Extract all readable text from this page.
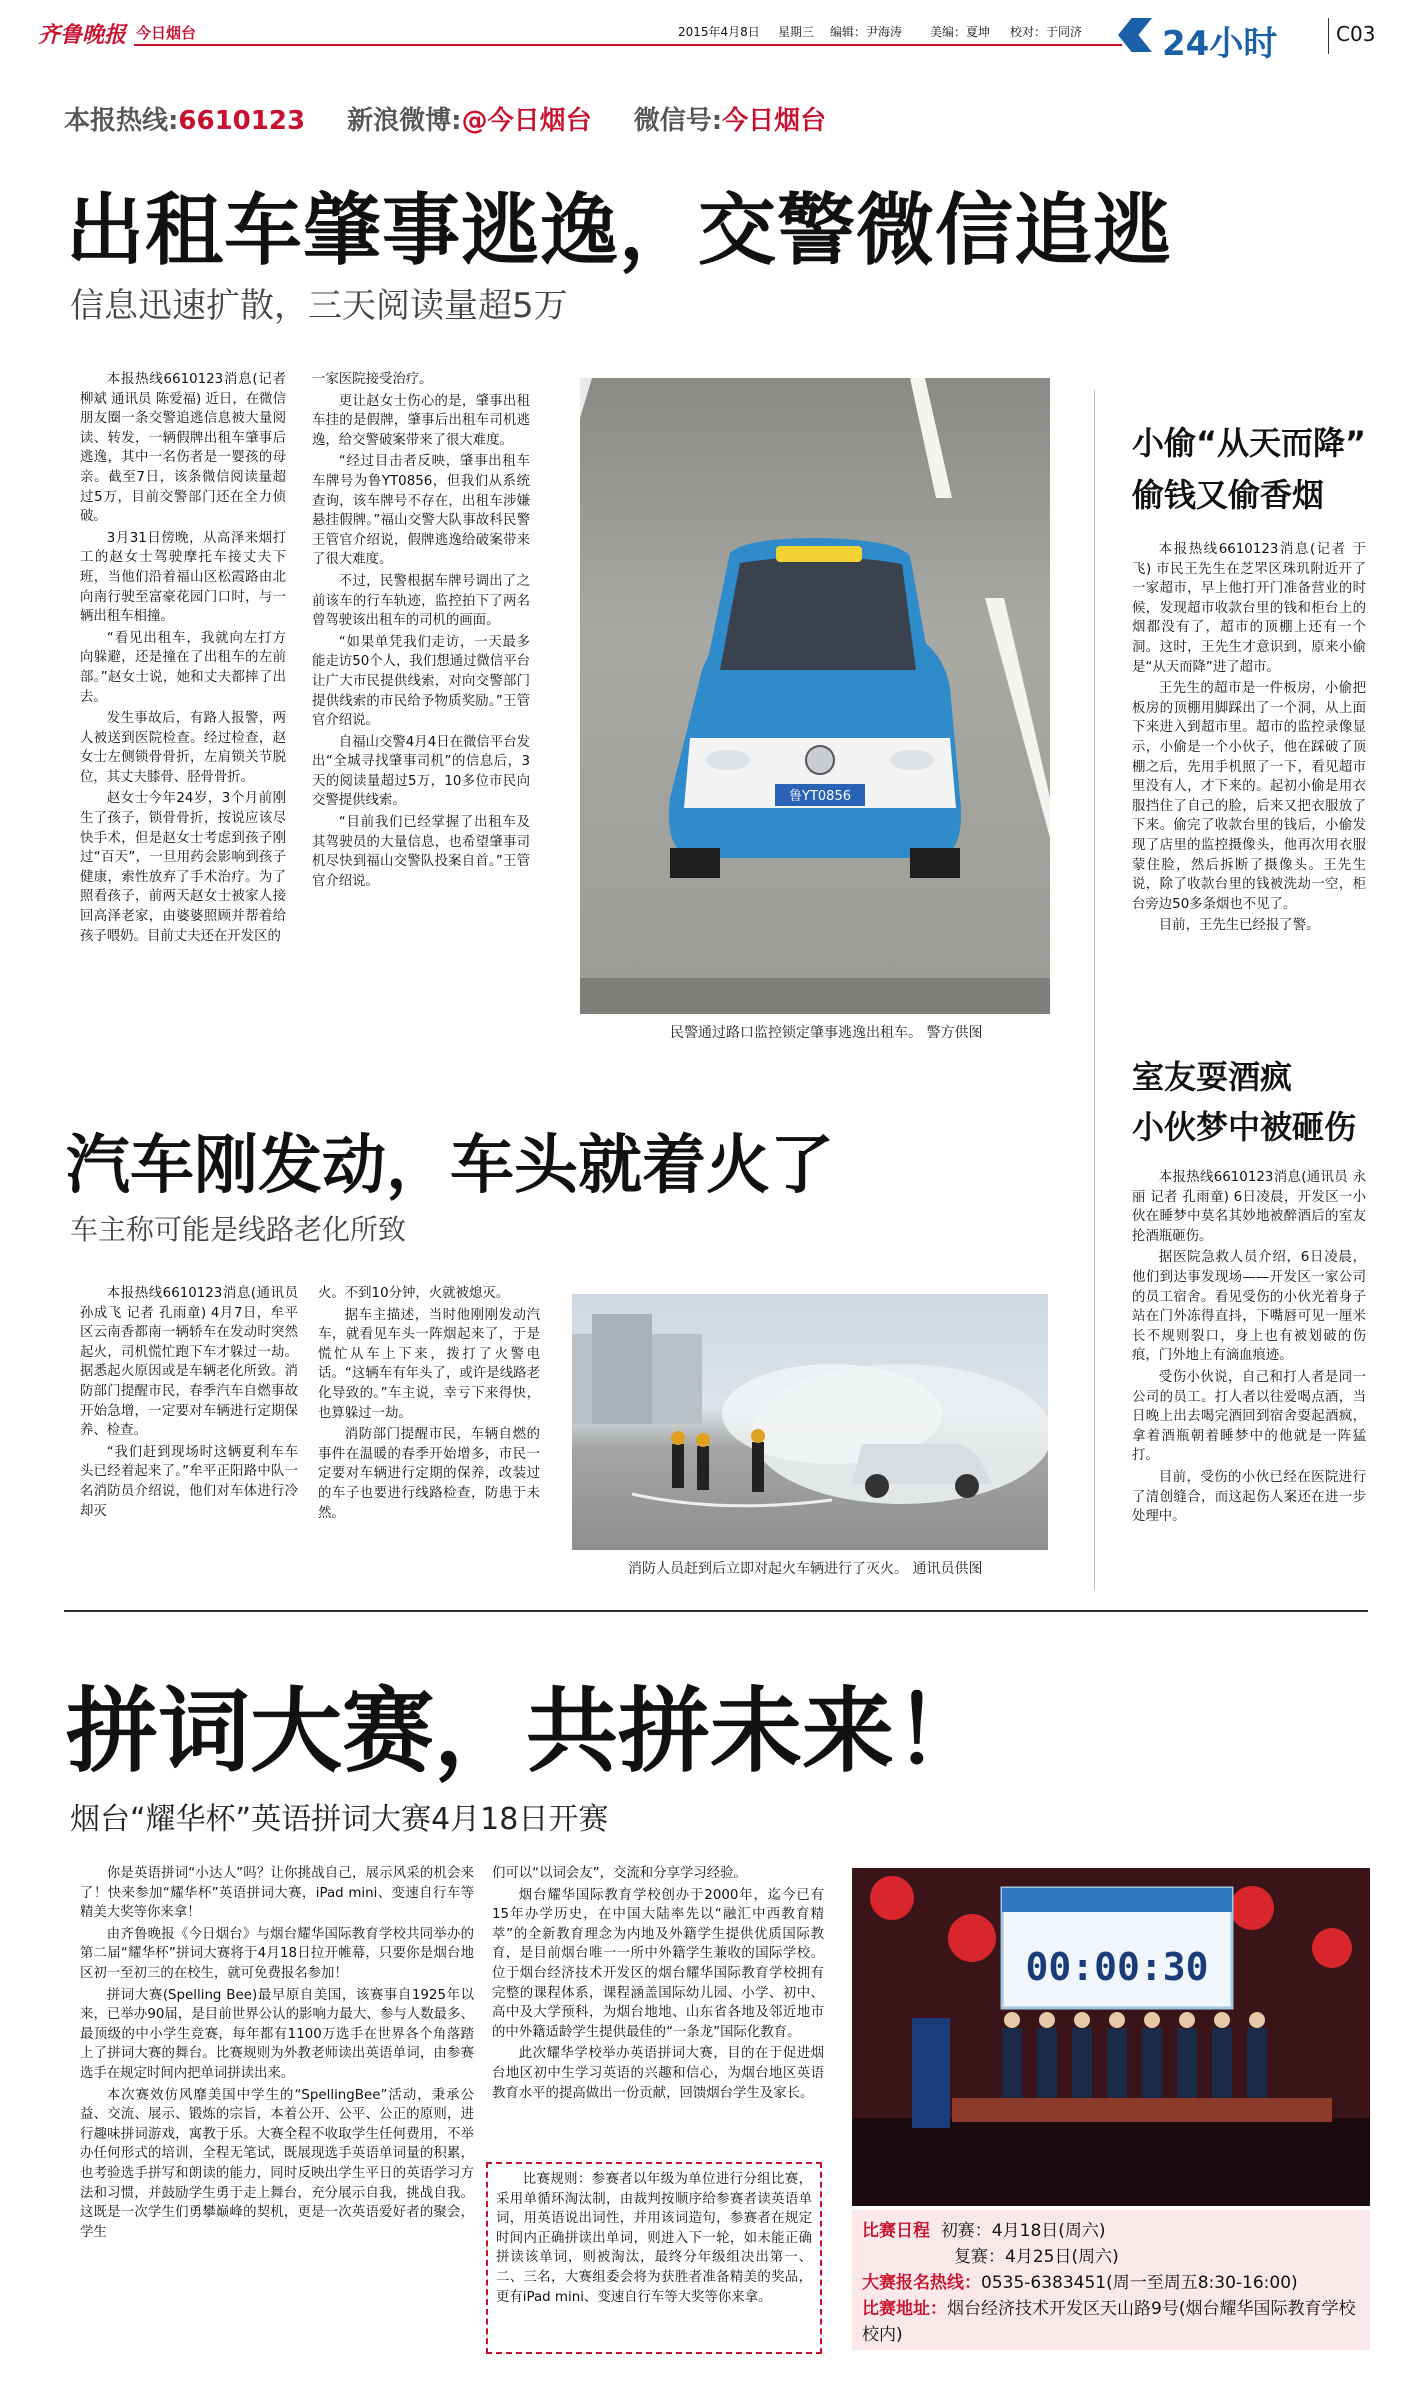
齐鲁晚报 今日烟台	2015年4月8日 星期三 编辑：尹海涛 美编：夏坤 校对：于同济 24小时	C03
本报热线:6610123 新浪微博:@今日烟台 微信号:今日烟台
出租车肇事逃逸，交警微信追逃
信息迅速扩散，三天阅读量超5万

本报热线6610123消息(记者 柳斌 通讯员 陈爱福) 近日，在微信朋友圈一条交警追逃信息被大量阅读、转发，一辆假牌出租车肇事后逃逸，其中一名伤者是一婴孩的母亲。截至7日，该条微信阅读量超过5万，目前交警部门还在全力侦破。

3月31日傍晚，从高泽来烟打工的赵女士驾驶摩托车接丈夫下班，当他们沿着福山区松霞路由北向南行驶至富豪花园门口时，与一辆出租车相撞。

“看见出租车，我就向左打方向躲避，还是撞在了出租车的左前部。”赵女士说，她和丈夫都摔了出去。

发生事故后，有路人报警，两人被送到医院检查。经过检查，赵女士左侧锁骨骨折，左肩锁关节脱位，其丈夫膝骨、胫骨骨折。

赵女士今年24岁，3个月前刚生了孩子，锁骨骨折，按说应该尽快手术，但是赵女士考虑到孩子刚过“百天”，一旦用药会影响到孩子健康，索性放弃了手术治疗。为了照看孩子，前两天赵女士被家人接回高泽老家，由婆婆照顾并帮着给孩子喂奶。目前丈夫还在开发区的

一家医院接受治疗。

更让赵女士伤心的是，肇事出租车挂的是假牌，肇事后出租车司机逃逸，给交警破案带来了很大难度。

“经过目击者反映，肇事出租车车牌号为鲁YT0856，但我们从系统查询，该车牌号不存在，出租车涉嫌悬挂假牌。”福山交警大队事故科民警王管官介绍说，假牌逃逸给破案带来了很大难度。

不过，民警根据车牌号调出了之前该车的行车轨迹，监控拍下了两名曾驾驶该出租车的司机的画面。

“如果单凭我们走访，一天最多能走访50个人，我们想通过微信平台让广大市民提供线索，对向交警部门提供线索的市民给予物质奖励。”王管官介绍说。

自福山交警4月4日在微信平台发出“全城寻找肇事司机”的信息后，3天的阅读量超过5万，10多位市民向交警提供线索。

“目前我们已经掌握了出租车及其驾驶员的大量信息，也希望肇事司机尽快到福山交警队投案自首。”王管官介绍说。

鲁YT0856
民警通过路口监控锁定肇事逃逸出租车。 警方供图
小偷“从天而降”
偷钱又偷香烟

本报热线6610123消息(记者 于飞) 市民王先生在芝罘区珠玑附近开了一家超市，早上他打开门准备营业的时候，发现超市收款台里的钱和柜台上的烟都没有了，超市的顶棚上还有一个洞。这时，王先生才意识到，原来小偷是“从天而降”进了超市。

王先生的超市是一件板房，小偷把板房的顶棚用脚踩出了一个洞，从上面下来进入到超市里。超市的监控录像显示，小偷是一个小伙子，他在踩破了顶棚之后，先用手机照了一下，看见超市里没有人，才下来的。起初小偷是用衣服挡住了自己的脸，后来又把衣服放了下来。偷完了收款台里的钱后，小偷发现了店里的监控摄像头，他再次用衣服蒙住脸，然后拆断了摄像头。王先生说，除了收款台里的钱被洗劫一空，柜台旁边50多条烟也不见了。

目前，王先生已经报了警。

室友耍酒疯
小伙梦中被砸伤

本报热线6610123消息(通讯员 永丽 记者 孔雨童) 6日凌晨，开发区一小伙在睡梦中莫名其妙地被醉酒后的室友抡酒瓶砸伤。

据医院急救人员介绍，6日凌晨，他们到达事发现场——开发区一家公司的员工宿舍。看见受伤的小伙光着身子站在门外冻得直抖，下嘴唇可见一厘米长不规则裂口，身上也有被划破的伤痕，门外地上有滴血痕迹。

受伤小伙说，自己和打人者是同一公司的员工。打人者以往爱喝点酒，当日晚上出去喝完酒回到宿舍耍起酒疯，拿着酒瓶朝着睡梦中的他就是一阵猛打。

目前，受伤的小伙已经在医院进行了清创缝合，而这起伤人案还在进一步处理中。

汽车刚发动，车头就着火了
车主称可能是线路老化所致

本报热线6610123消息(通讯员 孙成飞 记者 孔雨童) 4月7日，牟平区云南香都南一辆轿车在发动时突然起火，司机慌忙跑下车才躲过一劫。据悉起火原因或是车辆老化所致。消防部门提醒市民，春季汽车自燃事故开始急增，一定要对车辆进行定期保养、检查。

“我们赶到现场时这辆夏利车车头已经着起来了。”牟平正阳路中队一名消防员介绍说，他们对车体进行冷却灭

火。不到10分钟，火就被熄灭。

据车主描述，当时他刚刚发动汽车，就看见车头一阵烟起来了，于是慌忙从车上下来，拨打了火警电话。“这辆车有年头了，或许是线路老化导致的。”车主说，幸亏下来得快，也算躲过一劫。

消防部门提醒市民，车辆自燃的事件在温暖的春季开始增多，市民一定要对车辆进行定期的保养，改装过的车子也要进行线路检查，防患于未然。

消防人员赶到后立即对起火车辆进行了灭火。 通讯员供图
拼词大赛，共拼未来！
烟台“耀华杯”英语拼词大赛4月18日开赛

你是英语拼词“小达人”吗？让你挑战自己，展示风采的机会来了！快来参加“耀华杯”英语拼词大赛，iPad mini、变速自行车等精美大奖等你来拿！

由齐鲁晚报《今日烟台》与烟台耀华国际教育学校共同举办的第二届“耀华杯”拼词大赛将于4月18日拉开帷幕，只要你是烟台地区初一至初三的在校生，就可免费报名参加！

拼词大赛(Spelling Bee)最早原自美国，该赛事自1925年以来，已举办90届，是目前世界公认的影响力最大、参与人数最多、最顶级的中小学生竞赛，每年都有1100万选手在世界各个角落踏上了拼词大赛的舞台。比赛规则为外教老师读出英语单词，由参赛选手在规定时间内把单词拼读出来。

本次赛效仿风靡美国中学生的“SpellingBee”活动，秉承公益、交流、展示、锻炼的宗旨，本着公开、公平、公正的原则，进行趣味拼词游戏，寓教于乐。大赛全程不收取学生任何费用，不举办任何形式的培训，全程无笔试，既展现选手英语单词量的积累，也考验选手拼写和朗读的能力，同时反映出学生平日的英语学习方法和习惯，并鼓励学生勇于走上舞台，充分展示自我，挑战自我。这既是一次学生们勇攀巅峰的契机，更是一次英语爱好者的聚会，学生

们可以“以词会友”，交流和分享学习经验。

烟台耀华国际教育学校创办于2000年，迄今已有15年办学历史，在中国大陆率先以“融汇中西教育精萃”的全新教育理念为内地及外籍学生提供优质国际教育，是目前烟台唯一一所中外籍学生兼收的国际学校。位于烟台经济技术开发区的烟台耀华国际教育学校拥有完整的课程体系，课程涵盖国际幼儿园、小学、初中、高中及大学预科，为烟台地地、山东省各地及邻近地市的中外籍适龄学生提供最佳的“一条龙”国际化教育。

此次耀华学校举办英语拼词大赛，目的在于促进烟台地区初中生学习英语的兴趣和信心，为烟台地区英语教育水平的提高做出一份贡献，回馈烟台学生及家长。

比赛规则：参赛者以年级为单位进行分组比赛，采用单循环淘汰制，由裁判按顺序给参赛者读英语单词，用英语说出词性，并用该词造句，参赛者在规定时间内正确拼读出单词，则进入下一轮，如未能正确拼读该单词，则被淘汰，最终分年级组决出第一、二、三名，大赛组委会将为获胜者准备精美的奖品，更有iPad mini、变速自行车等大奖等你来拿。

00:00:30
比赛日程 初赛：4月18日(周六)
复赛：4月25日(周六)
大赛报名热线：0535-6383451(周一至周五8:30-16:00)
比赛地址：烟台经济技术开发区天山路9号(烟台耀华国际教育学校校内)
